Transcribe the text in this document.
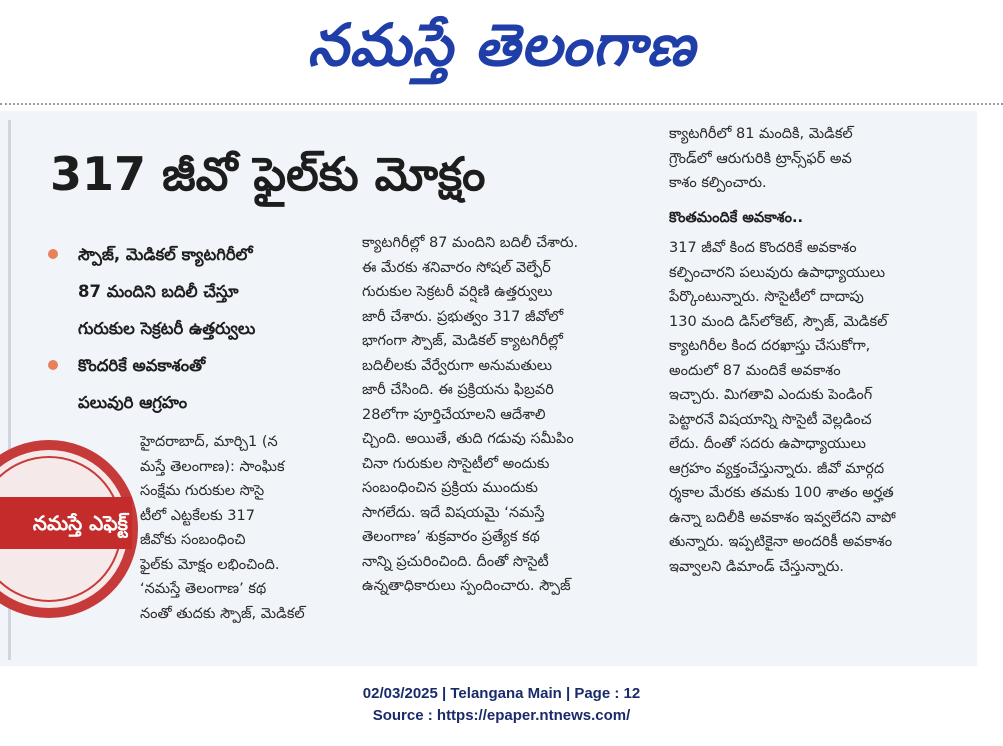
నమస్తే తెలంగాణ
317 జీవో ఫైల్‌కు మోక్షం
స్పౌజ్, మెడికల్ క్యాటగిరీలో
87 మందిని బదిలీ చేస్తూ
గురుకుల సెక్రటరీ ఉత్తర్వులు
కొందరికే అవకాశంతో
పలువురి ఆగ్రహం
నమస్తే ఎఫెక్ట్
హైదరాబాద్, మార్చి1 (న
మస్తే తెలంగాణ): సాంఘిక
సంక్షేమ గురుకుల సొసై
టీలో ఎట్టకేలకు 317
జీవోకు సంబంధించి
ఫైల్‌కు మోక్షం లభించింది.
‘నమస్తే తెలంగాణ’ కథ
నంతో తుదకు స్పౌజ్, మెడికల్
క్యాటగిరీల్లో 87 మందిని బదిలీ చేశారు.
ఈ మేరకు శనివారం సోషల్ వెల్ఫేర్
గురుకుల సెక్రటరీ వర్షిణి ఉత్తర్వులు
జారీ చేశారు. ప్రభుత్వం 317 జీవోలో
భాగంగా స్పౌజ్, మెడికల్ క్యాటగిరీల్లో
బదిలీలకు వేర్వేరుగా అనుమతులు
జారీ చేసింది. ఈ ప్రక్రియను ఫిబ్రవరి
28లోగా పూర్తిచేయాలని ఆదేశాలి
చ్చింది. అయితే, తుది గడువు సమీపిం
చినా గురుకుల సొసైటీలో అందుకు
సంబంధించిన ప్రక్రియ ముందుకు
సాగలేదు. ఇదే విషయమై ‘నమస్తే
తెలంగాణ’ శుక్రవారం ప్రత్యేక కథ
నాన్ని ప్రచురించింది. దీంతో సొసైటీ
ఉన్నతాధికారులు స్పందించారు. స్పౌజ్
క్యాటగిరీలో 81 మందికి, మెడికల్
గ్రౌండ్‌లో ఆరుగురికి ట్రాన్స్‌ఫర్ అవ
కాశం కల్పించారు.
కొంతమందికే అవకాశం..
317 జీవో కింద కొందరికే అవకాశం
కల్పించారని పలువురు ఉపాధ్యాయులు
పేర్కొంటున్నారు. సొసైటీలో దాదాపు
130 మంది డిస్‌లోకెట్, స్పౌజ్, మెడికల్
క్యాటగిరీల కింద దరఖాస్తు చేసుకోగా,
అందులో 87 మందికే అవకాశం
ఇచ్చారు. మిగతావి ఎందుకు పెండింగ్
పెట్టారనే విషయాన్ని సొసైటీ వెల్లడించ
లేదు. దీంతో సదరు ఉపాధ్యాయులు
ఆగ్రహం వ్యక్తంచేస్తున్నారు. జీవో మార్గద
ర్శకాల మేరకు తమకు 100 శాతం అర్హత
ఉన్నా బదిలీకి అవకాశం ఇవ్వలేదని వాపో
తున్నారు. ఇప్పటికైనా అందరికీ అవకాశం
ఇవ్వాలని డిమాండ్ చేస్తున్నారు.
02/03/2025 | Telangana Main | Page : 12
Source : https://epaper.ntnews.com/
